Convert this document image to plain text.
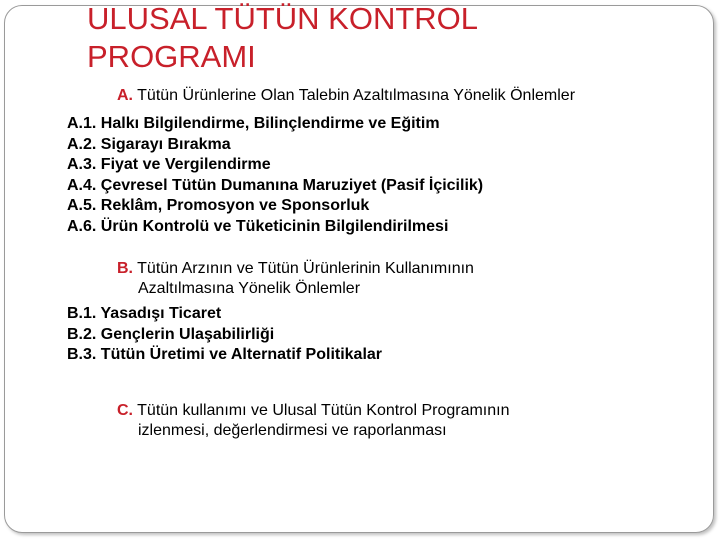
ULUSAL TÜTÜN KONTROL
PROGRAMI
A. Tütün Ürünlerine Olan Talebin Azaltılmasına Yönelik Önlemler
A.1. Halkı Bilgilendirme, Bilinçlendirme ve Eğitim
A.2. Sigarayı Bırakma
A.3. Fiyat ve Vergilendirme
A.4. Çevresel Tütün Dumanına Maruziyet (Pasif İçicilik)
A.5. Reklâm, Promosyon ve Sponsorluk
A.6. Ürün Kontrolü ve Tüketicinin Bilgilendirilmesi
B. Tütün Arzının ve Tütün Ürünlerinin Kullanımının
Azaltılmasına Yönelik Önlemler
B.1. Yasadışı Ticaret
B.2. Gençlerin Ulaşabilirliği
B.3. Tütün Üretimi ve Alternatif Politikalar
C. Tütün kullanımı ve Ulusal Tütün Kontrol Programının
izlenmesi, değerlendirmesi ve raporlanması
